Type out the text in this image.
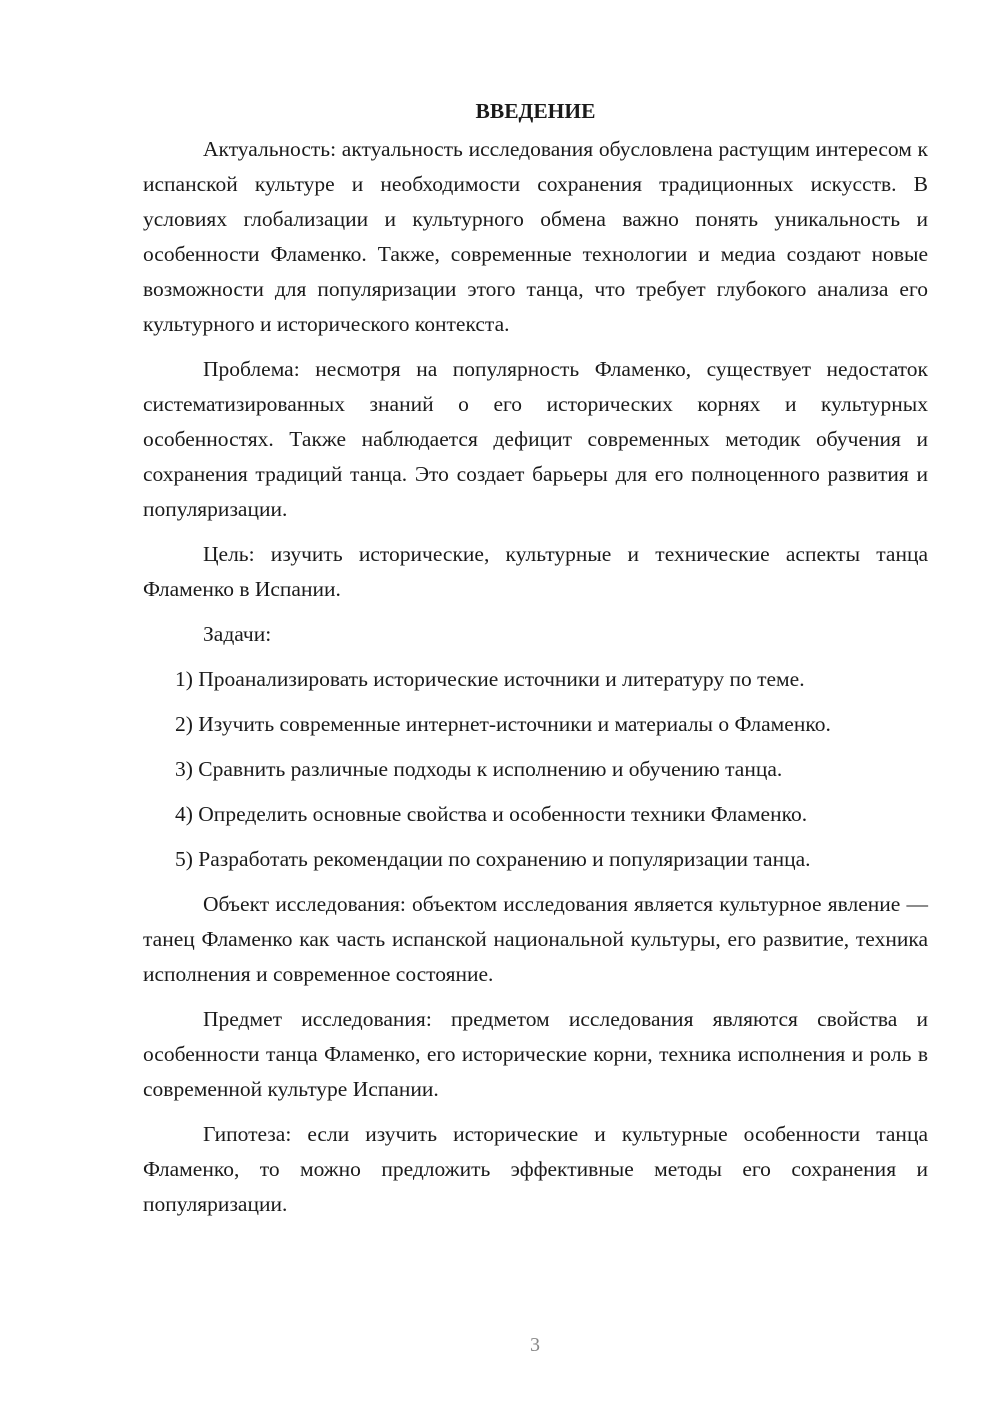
ВВЕДЕНИЕ

Актуальность: актуальность исследования обусловлена растущим интересом к испанской культуре и необходимости сохранения традиционных искусств. В условиях глобализации и культурного обмена важно понять уникальность и особенности Фламенко. Также, современные технологии и медиа создают новые возможности для популяризации этого танца, что требует глубокого анализа его культурного и исторического контекста.

Проблема: несмотря на популярность Фламенко, существует недостаток систематизированных знаний о его исторических корнях и культурных особенностях. Также наблюдается дефицит современных методик обучения и сохранения традиций танца. Это создает барьеры для его полноценного развития и популяризации.

Цель: изучить исторические, культурные и технические аспекты танца Фламенко в Испании.

Задачи:

1) Проанализировать исторические источники и литературу по теме.

2) Изучить современные интернет-источники и материалы о Фламенко.

3) Сравнить различные подходы к исполнению и обучению танца.

4) Определить основные свойства и особенности техники Фламенко.

5) Разработать рекомендации по сохранению и популяризации танца.

Объект исследования: объектом исследования является культурное явление — танец Фламенко как часть испанской национальной культуры, его развитие, техника исполнения и современное состояние.

Предмет исследования: предметом исследования являются свойства и особенности танца Фламенко, его исторические корни, техника исполнения и роль в современной культуре Испании.

Гипотеза: если изучить исторические и культурные особенности танца Фламенко, то можно предложить эффективные методы его сохранения и популяризации.

3
